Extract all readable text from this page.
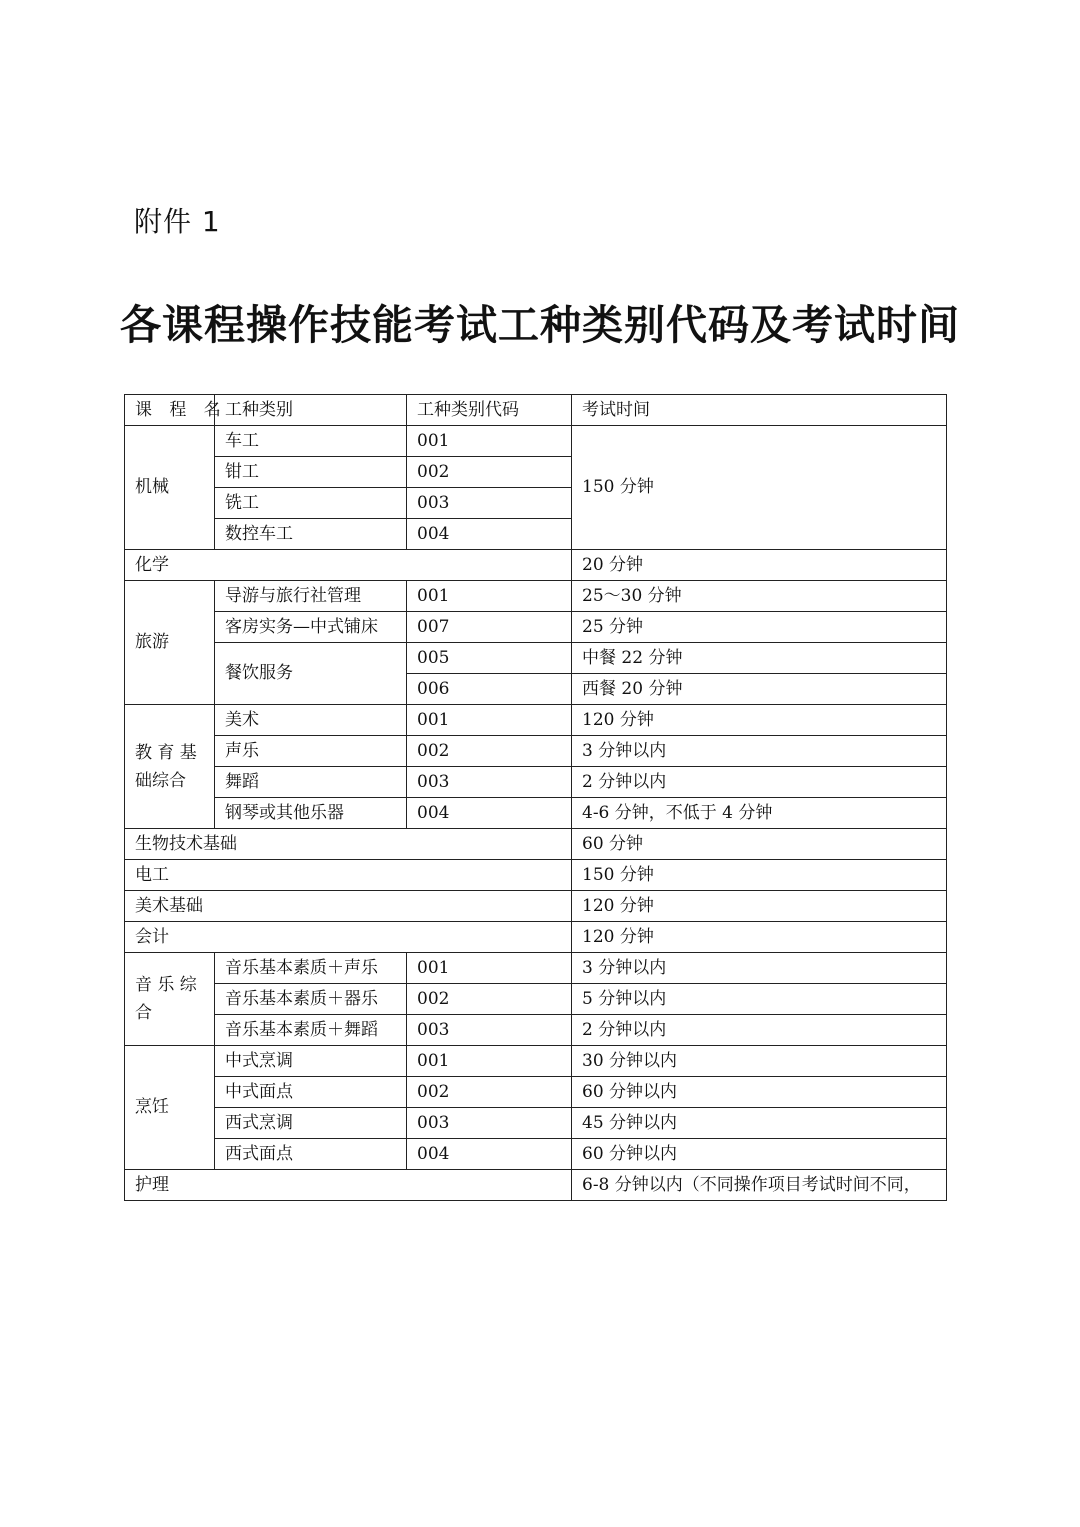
附件 1
各课程操作技能考试工种类别代码及考试时间
课 程 名	工种类别	工种类别代码	考试时间
机械	车工	001	150 分钟
	钳工	002	
	铣工	003	
	数控车工	004	
化学			20 分钟
旅游	导游与旅行社管理	001	25～30 分钟
	客房实务—中式铺床	007	25 分钟
	餐饮服务	005	中餐 22 分钟
		006	西餐 20 分钟
教 育 基 础综合	美术	001	120 分钟
	声乐	002	3 分钟以内
	舞蹈	003	2 分钟以内
	钢琴或其他乐器	004	4-6 分钟，不低于 4 分钟
生物技术基础			60 分钟
电工			150 分钟
美术基础			120 分钟
会计			120 分钟
音 乐 综 合	音乐基本素质＋声乐	001	3 分钟以内
	音乐基本素质＋器乐	002	5 分钟以内
	音乐基本素质＋舞蹈	003	2 分钟以内
烹饪	中式烹调	001	30 分钟以内
	中式面点	002	60 分钟以内
	西式烹调	003	45 分钟以内
	西式面点	004	60 分钟以内
护理			6-8 分钟以内（不同操作项目考试时间不同，
